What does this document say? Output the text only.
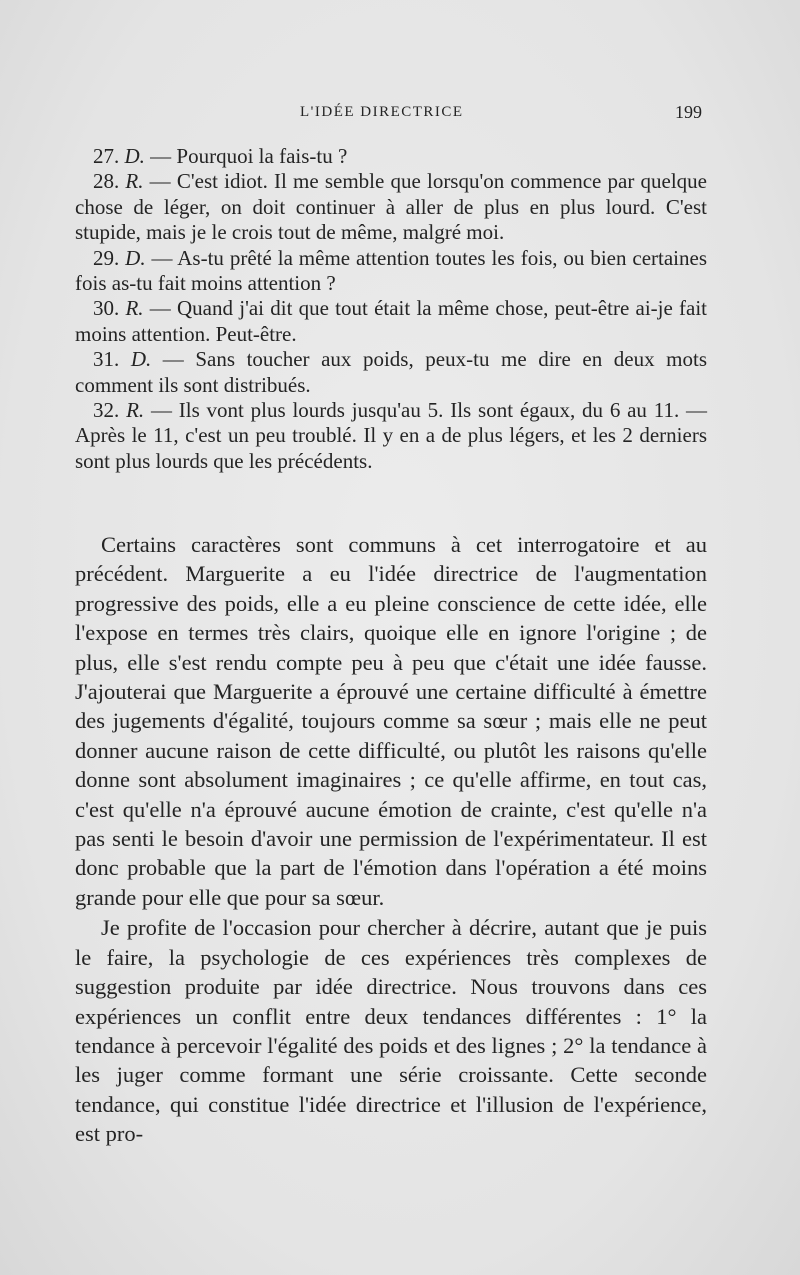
L'IDÉE DIRECTRICE	199

27. D. — Pourquoi la fais-tu ?

28. R. — C'est idiot. Il me semble que lorsqu'on commence par quelque chose de léger, on doit continuer à aller de plus en plus lourd. C'est stupide, mais je le crois tout de même, malgré moi.

29. D. — As-tu prêté la même attention toutes les fois, ou bien certaines fois as-tu fait moins attention ?

30. R. — Quand j'ai dit que tout était la même chose, peut-être ai-je fait moins attention. Peut-être.

31. D. — Sans toucher aux poids, peux-tu me dire en deux mots comment ils sont distribués.

32. R. — Ils vont plus lourds jusqu'au 5. Ils sont égaux, du 6 au 11. — Après le 11, c'est un peu troublé. Il y en a de plus légers, et les 2 derniers sont plus lourds que les précédents.

Certains caractères sont communs à cet interrogatoire et au précédent. Marguerite a eu l'idée directrice de l'augmentation progressive des poids, elle a eu pleine conscience de cette idée, elle l'expose en termes très clairs, quoique elle en ignore l'origine ; de plus, elle s'est rendu compte peu à peu que c'était une idée fausse. J'ajouterai que Marguerite a éprouvé une certaine difficulté à émettre des jugements d'égalité, toujours comme sa sœur ; mais elle ne peut donner aucune raison de cette difficulté, ou plutôt les raisons qu'elle donne sont absolument imaginaires ; ce qu'elle affirme, en tout cas, c'est qu'elle n'a éprouvé aucune émotion de crainte, c'est qu'elle n'a pas senti le besoin d'avoir une permission de l'expérimentateur. Il est donc probable que la part de l'émotion dans l'opération a été moins grande pour elle que pour sa sœur.

Je profite de l'occasion pour chercher à décrire, autant que je puis le faire, la psychologie de ces expériences très complexes de suggestion produite par idée directrice. Nous trouvons dans ces expériences un conflit entre deux tendances différentes : 1° la tendance à percevoir l'égalité des poids et des lignes ; 2° la tendance à les juger comme formant une série croissante. Cette seconde tendance, qui constitue l'idée directrice et l'illusion de l'expérience, est pro-
